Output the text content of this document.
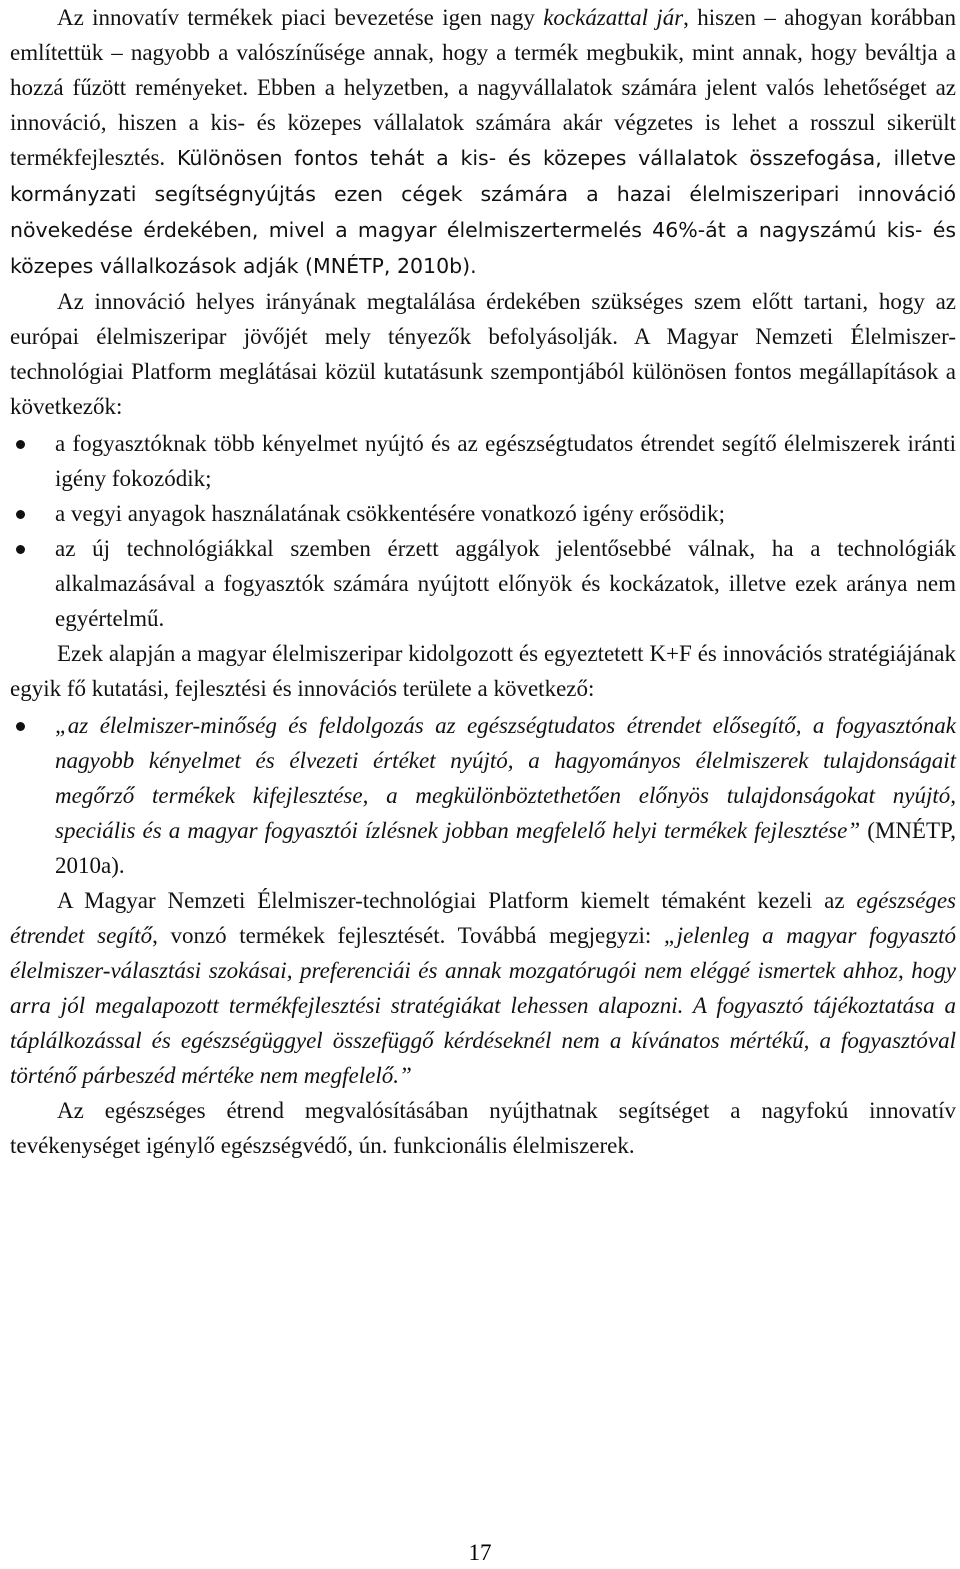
Az innovatív termékek piaci bevezetése igen nagy kockázattal jár, hiszen – ahogyan korábban említettük – nagyobb a valószínűsége annak, hogy a termék megbukik, mint annak, hogy beváltja a hozzá fűzött reményeket. Ebben a helyzetben, a nagyvállalatok számára jelent valós lehetőséget az innováció, hiszen a kis- és közepes vállalatok számára akár végzetes is lehet a rosszul sikerült termékfejlesztés. Különösen fontos tehát a kis- és közepes vállalatok összefogása, illetve kormányzati segítségnyújtás ezen cégek számára a hazai élelmiszeripari innováció növekedése érdekében, mivel a magyar élelmiszertermelés 46%-át a nagyszámú kis- és közepes vállalkozások adják (MNÉTP, 2010b).

Az innováció helyes irányának megtalálása érdekében szükséges szem előtt tartani, hogy az európai élelmiszeripar jövőjét mely tényezők befolyásolják. A Magyar Nemzeti Élelmiszer-technológiai Platform meglátásai közül kutatásunk szempontjából különösen fontos megállapítások a következők:

a fogyasztóknak több kényelmet nyújtó és az egészségtudatos étrendet segítő élelmiszerek iránti igény fokozódik;
a vegyi anyagok használatának csökkentésére vonatkozó igény erősödik;
az új technológiákkal szemben érzett aggályok jelentősebbé válnak, ha a technológiák alkalmazásával a fogyasztók számára nyújtott előnyök és kockázatok, illetve ezek aránya nem egyértelmű.

Ezek alapján a magyar élelmiszeripar kidolgozott és egyeztetett K+F és innovációs stratégiájának egyik fő kutatási, fejlesztési és innovációs területe a következő:

„az élelmiszer-minőség és feldolgozás az egészségtudatos étrendet elősegítő, a fogyasztónak nagyobb kényelmet és élvezeti értéket nyújtó, a hagyományos élelmiszerek tulajdonságait megőrző termékek kifejlesztése, a megkülönböztethetően előnyös tulajdonságokat nyújtó, speciális és a magyar fogyasztói ízlésnek jobban megfelelő helyi termékek fejlesztése” (MNÉTP, 2010a).

A Magyar Nemzeti Élelmiszer-technológiai Platform kiemelt témaként kezeli az egészséges étrendet segítő, vonzó termékek fejlesztését. Továbbá megjegyzi: „jelenleg a magyar fogyasztó élelmiszer-választási szokásai, preferenciái és annak mozgatórugói nem eléggé ismertek ahhoz, hogy arra jól megalapozott termékfejlesztési stratégiákat lehessen alapozni. A fogyasztó tájékoztatása a táplálkozással és egészségüggyel összefüggő kérdéseknél nem a kívánatos mértékű, a fogyasztóval történő párbeszéd mértéke nem megfelelő.”

Az egészséges étrend megvalósításában nyújthatnak segítséget a nagyfokú innovatív tevékenységet igénylő egészségvédő, ún. funkcionális élelmiszerek.

17
